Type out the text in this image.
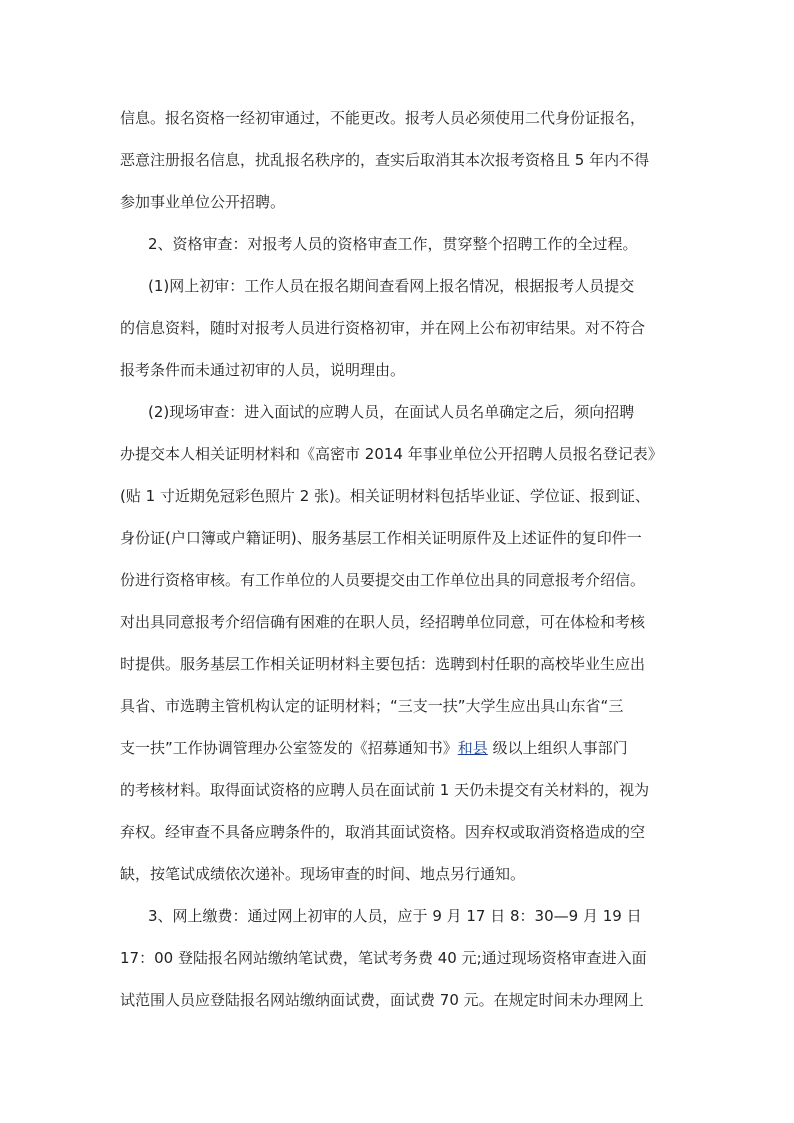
信息。报名资格一经初审通过，不能更改。报考人员必须使用二代身份证报名，
恶意注册报名信息，扰乱报名秩序的，查实后取消其本次报考资格且 5 年内不得
参加事业单位公开招聘。
2、资格审查：对报考人员的资格审查工作，贯穿整个招聘工作的全过程。
(1)网上初审：工作人员在报名期间查看网上报名情况，根据报考人员提交
的信息资料，随时对报考人员进行资格初审，并在网上公布初审结果。对不符合
报考条件而未通过初审的人员，说明理由。
(2)现场审查：进入面试的应聘人员，在面试人员名单确定之后，须向招聘
办提交本人相关证明材料和《高密市 2014 年事业单位公开招聘人员报名登记表》
(贴 1 寸近期免冠彩色照片 2 张)。相关证明材料包括毕业证、学位证、报到证、
身份证(户口簿或户籍证明)、服务基层工作相关证明原件及上述证件的复印件一
份进行资格审核。有工作单位的人员要提交由工作单位出具的同意报考介绍信。
对出具同意报考介绍信确有困难的在职人员，经招聘单位同意，可在体检和考核
时提供。服务基层工作相关证明材料主要包括：选聘到村任职的高校毕业生应出
具省、市选聘主管机构认定的证明材料；“三支一扶”大学生应出具山东省“三
支一扶”工作协调管理办公室签发的《招募通知书》和县 级以上组织人事部门
的考核材料。取得面试资格的应聘人员在面试前 1 天仍未提交有关材料的，视为
弃权。经审查不具备应聘条件的，取消其面试资格。因弃权或取消资格造成的空
缺，按笔试成绩依次递补。现场审查的时间、地点另行通知。
3、网上缴费：通过网上初审的人员，应于 9 月 17 日 8：30—9 月 19 日
17：00 登陆报名网站缴纳笔试费，笔试考务费 40 元;通过现场资格审查进入面
试范围人员应登陆报名网站缴纳面试费，面试费 70 元。在规定时间未办理网上
